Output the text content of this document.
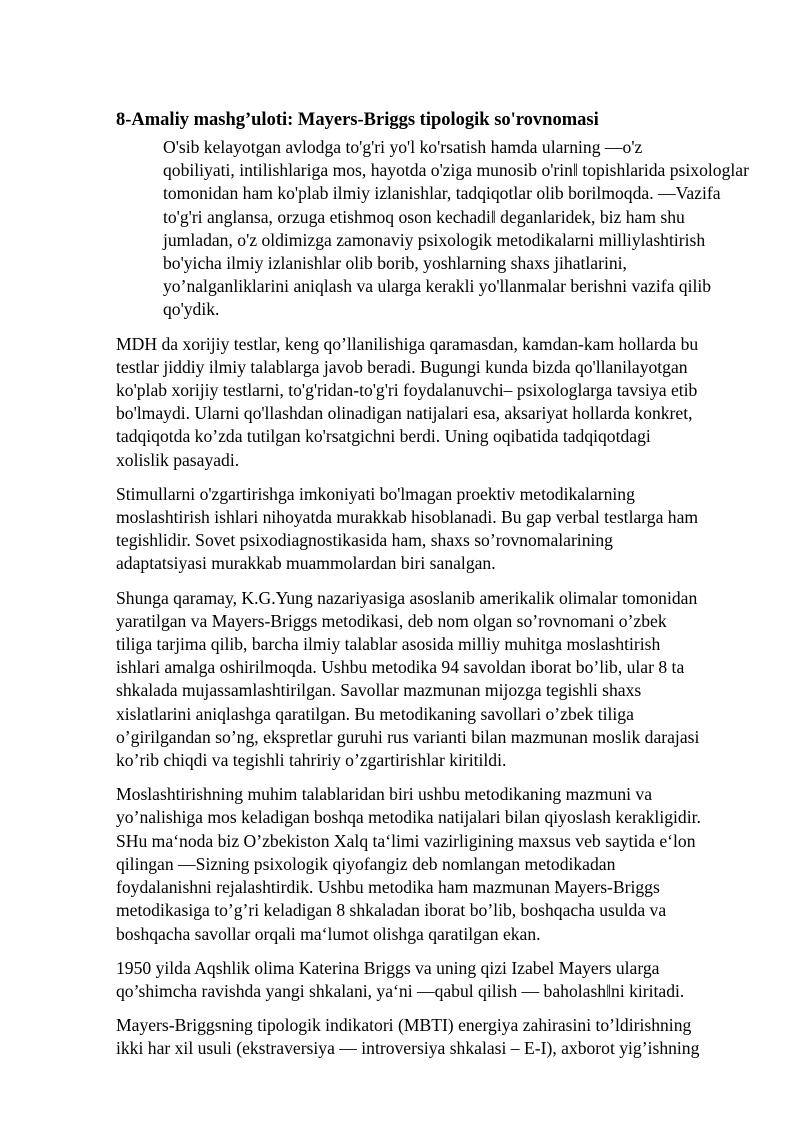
8-Amaliy mashg’uloti: Mayers-Briggs tipologik so'rovnomasi
O'sib kelayotgan avlodga to'g'ri yo'l ko'rsatish hamda ularning ―o'z
qobiliyati, intilishlariga mos, hayotda o'ziga munosib o'rin‖ topishlarida psixologlar
tomonidan ham ko'plab ilmiy izlanishlar, tadqiqotlar olib borilmoqda. ―Vazifa
to'g'ri anglansa, orzuga etishmoq oson kechadi‖ deganlaridek, biz ham shu
jumladan, o'z oldimizga zamonaviy psixologik metodikalarni milliylashtirish
bo'yicha ilmiy izlanishlar olib borib, yoshlarning shaxs jihatlarini,
yo’nalganliklarini aniqlash va ularga kerakli yo'llanmalar berishni vazifa qilib
qo'ydik.
MDH da xorijiy testlar, keng qo’llanilishiga qaramasdan, kamdan-kam hollarda bu
testlar jiddiy ilmiy talablarga javob beradi. Bugungi kunda bizda qo'llanilayotgan
ko'plab xorijiy testlarni, to'g'ridan-to'g'ri foydalanuvchi– psixologlarga tavsiya etib
bo'lmaydi. Ularni qo'llashdan olinadigan natijalari esa, aksariyat hollarda konkret,
tadqiqotda ko’zda tutilgan ko'rsatgichni berdi. Uning oqibatida tadqiqotdagi
xolislik pasayadi.
Stimullarni o'zgartirishga imkoniyati bo'lmagan proektiv metodikalarning
moslashtirish ishlari nihoyatda murakkab hisoblanadi. Bu gap verbal testlarga ham
tegishlidir. Sovet psixodiagnostikasida ham, shaxs so’rovnomalarining
adaptatsiyasi murakkab muammolardan biri sanalgan.
Shunga qaramay, K.G.Yung nazariyasiga asoslanib amerikalik olimalar tomonidan
yaratilgan va Mayers-Briggs metodikasi, deb nom olgan so’rovnomani o’zbek
tiliga tarjima qilib, barcha ilmiy talablar asosida milliy muhitga moslashtirish
ishlari amalga oshirilmoqda. Ushbu metodika 94 savoldan iborat bo’lib, ular 8 ta
shkalada mujassamlashtirilgan. Savollar mazmunan mijozga tegishli shaxs
xislatlarini aniqlashga qaratilgan. Bu metodikaning savollari o’zbek tiliga
o’girilgandan so’ng, ekspretlar guruhi rus varianti bilan mazmunan moslik darajasi
ko’rib chiqdi va tegishli tahririy o’zgartirishlar kiritildi.
Moslashtirishning muhim talablaridan biri ushbu metodikaning mazmuni va
yo’nalishiga mos keladigan boshqa metodika natijalari bilan qiyoslash kerakligidir.
SHu ma‘noda biz O’zbekiston Xalq ta‘limi vazirligining maxsus veb saytida e‘lon
qilingan ―Sizning psixologik qiyofangiz deb nomlangan metodikadan
foydalanishni rejalashtirdik. Ushbu metodika ham mazmunan Mayers-Briggs
metodikasiga to’g’ri keladigan 8 shkaladan iborat bo’lib, boshqacha usulda va
boshqacha savollar orqali ma‘lumot olishga qaratilgan ekan.
1950 yilda Aqshlik olima Katerina Briggs va uning qizi Izabel Mayers ularga
qo’shimcha ravishda yangi shkalani, ya‘ni ―qabul qilish ― baholash‖ni kiritadi.
Mayers-Briggsning tipologik indikatori (MBTI) energiya zahirasini to’ldirishning
ikki har xil usuli (ekstraversiya ― introversiya shkalasi – E-I), axborot yig’ishning
